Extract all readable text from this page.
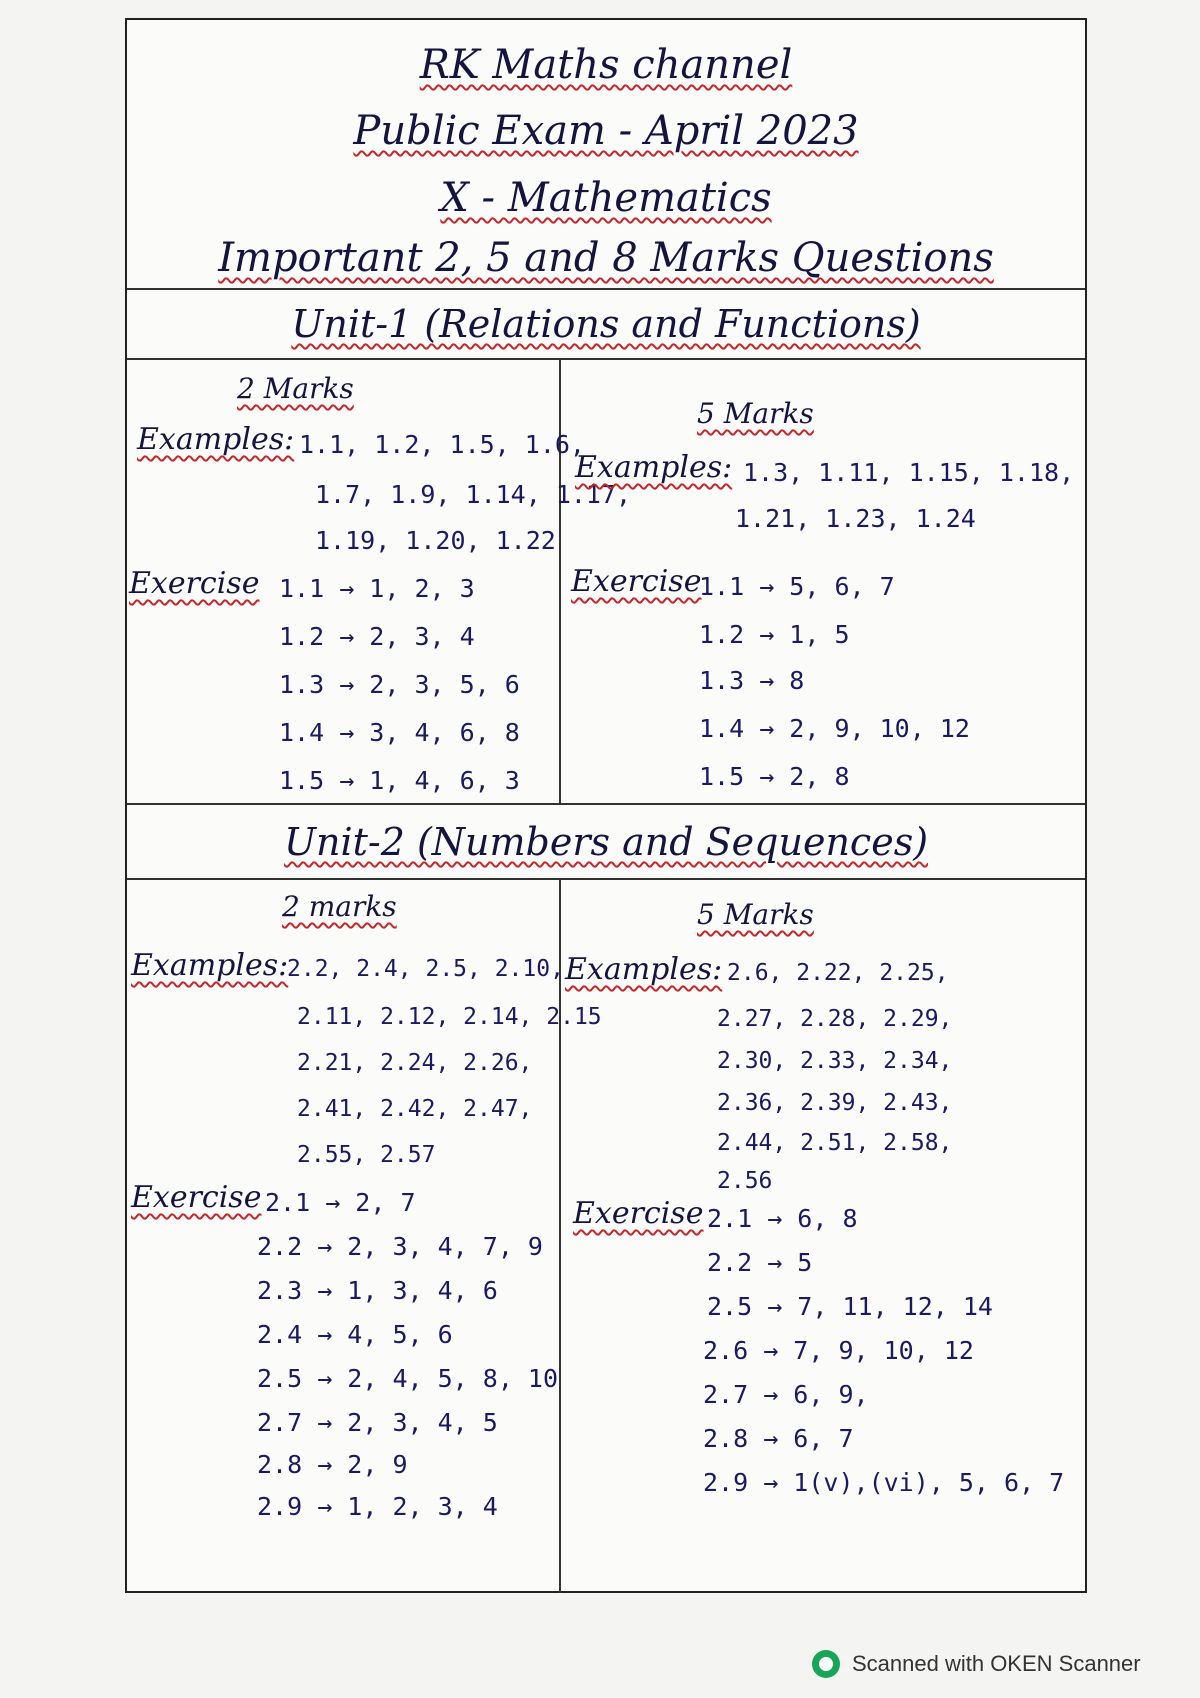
RK Maths channel
Public Exam - April 2023
X - Mathematics
Important 2, 5 and 8 Marks Questions
Unit-1 (Relations and Functions)
2 Marks
Examples: 1.1, 1.2, 1.5, 1.6,
1.7, 1.9, 1.14, 1.17,
1.19, 1.20, 1.22
Exercise 1.1 → 1, 2, 3
1.2 → 2, 3, 4
1.3 → 2, 3, 5, 6
1.4 → 3, 4, 6, 8
1.5 → 1, 4, 6, 3
5 Marks
Examples: 1.3, 1.11, 1.15, 1.18,
1.21, 1.23, 1.24
Exercise
1.1 → 5, 6, 7
1.2 → 1, 5
1.3 → 8
1.4 → 2, 9, 10, 12
1.5 → 2, 8
Unit-2 (Numbers and Sequences)
2 marks
Examples:
2.2, 2.4, 2.5, 2.10,
2.11, 2.12, 2.14, 2.15
2.21, 2.24, 2.26,
2.41, 2.42, 2.47,
2.55, 2.57
Exercise 2.1 → 2, 7
2.2 → 2, 3, 4, 7, 9
2.3 → 1, 3, 4, 6
2.4 → 4, 5, 6
2.5 → 2, 4, 5, 8, 10
2.7 → 2, 3, 4, 5
2.8 → 2, 9
2.9 → 1, 2, 3, 4
5 Marks
Examples: 2.6, 2.22, 2.25,
2.27, 2.28, 2.29,
2.30, 2.33, 2.34,
2.36, 2.39, 2.43,
2.44, 2.51, 2.58,
2.56
Exercise 2.1 → 6, 8
2.2 → 5
2.5 → 7, 11, 12, 14
2.6 → 7, 9, 10, 12
2.7 → 6, 9,
2.8 → 6, 7
2.9 → 1(v),(vi), 5, 6, 7
Scanned with OKEN Scanner
